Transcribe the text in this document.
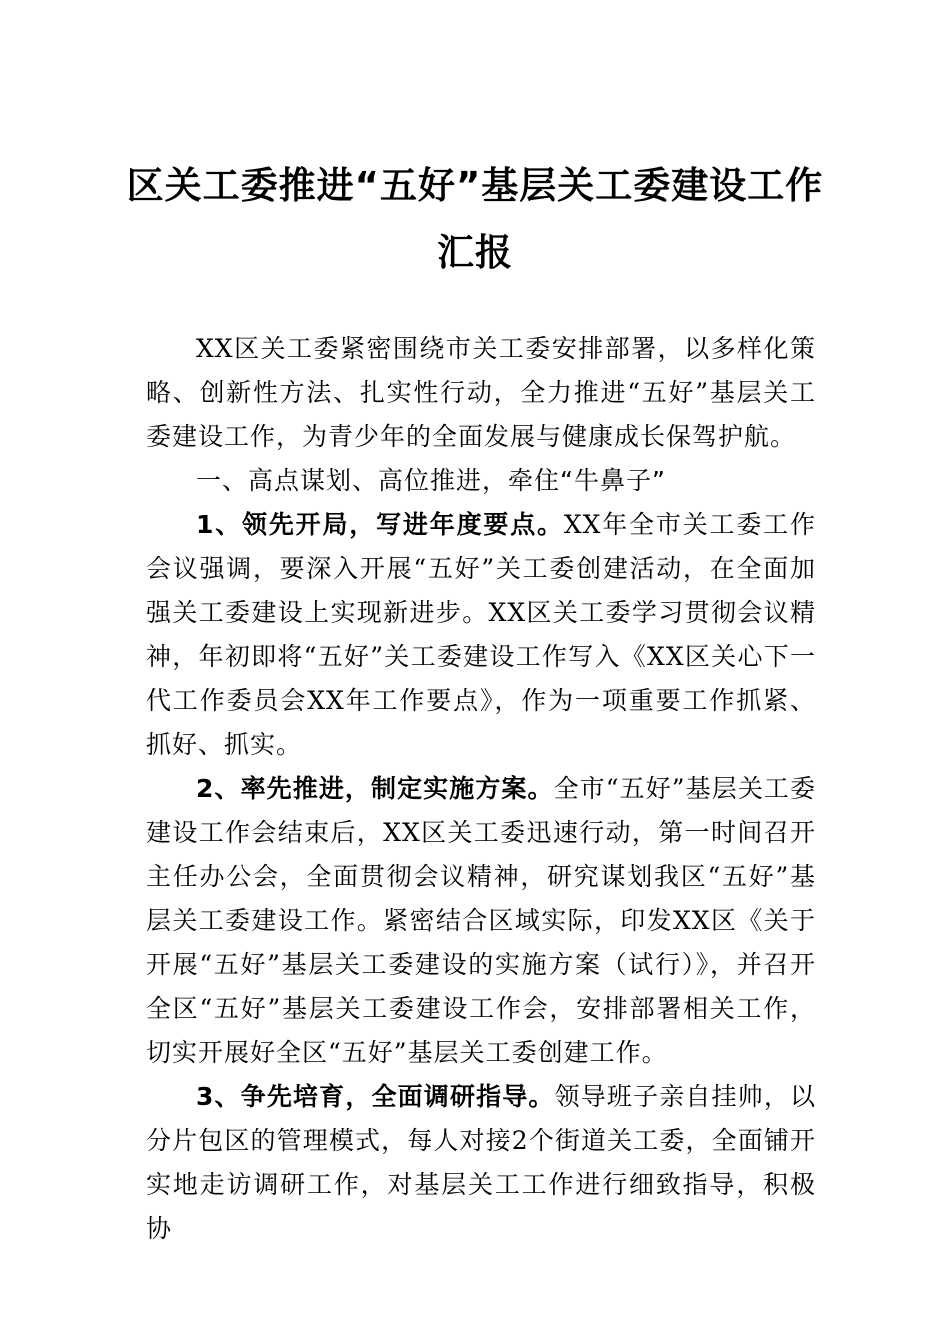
区关工委推进“五好”基层关工委建设工作汇报

XX区关工委紧密围绕市关工委安排部署，以多样化策略、创新性方法、扎实性行动，全力推进“五好”基层关工委建设工作，为青少年的全面发展与健康成长保驾护航。

一、高点谋划、高位推进，牵住“牛鼻子”

1、领先开局，写进年度要点。XX年全市关工委工作会议强调，要深入开展“五好”关工委创建活动，在全面加强关工委建设上实现新进步。XX区关工委学习贯彻会议精神，年初即将“五好”关工委建设工作写入《XX区关心下一代工作委员会XX年工作要点》，作为一项重要工作抓紧、抓好、抓实。

2、率先推进，制定实施方案。全市“五好”基层关工委建设工作会结束后，XX区关工委迅速行动，第一时间召开主任办公会，全面贯彻会议精神，研究谋划我区“五好”基层关工委建设工作。紧密结合区域实际，印发XX区《关于开展“五好”基层关工委建设的实施方案（试行）》，并召开全区“五好”基层关工委建设工作会，安排部署相关工作，切实开展好全区“五好”基层关工委创建工作。

3、争先培育，全面调研指导。领导班子亲自挂帅，以分片包区的管理模式，每人对接2个街道关工委，全面铺开实地走访调研工作，对基层关工工作进行细致指导，积极协
